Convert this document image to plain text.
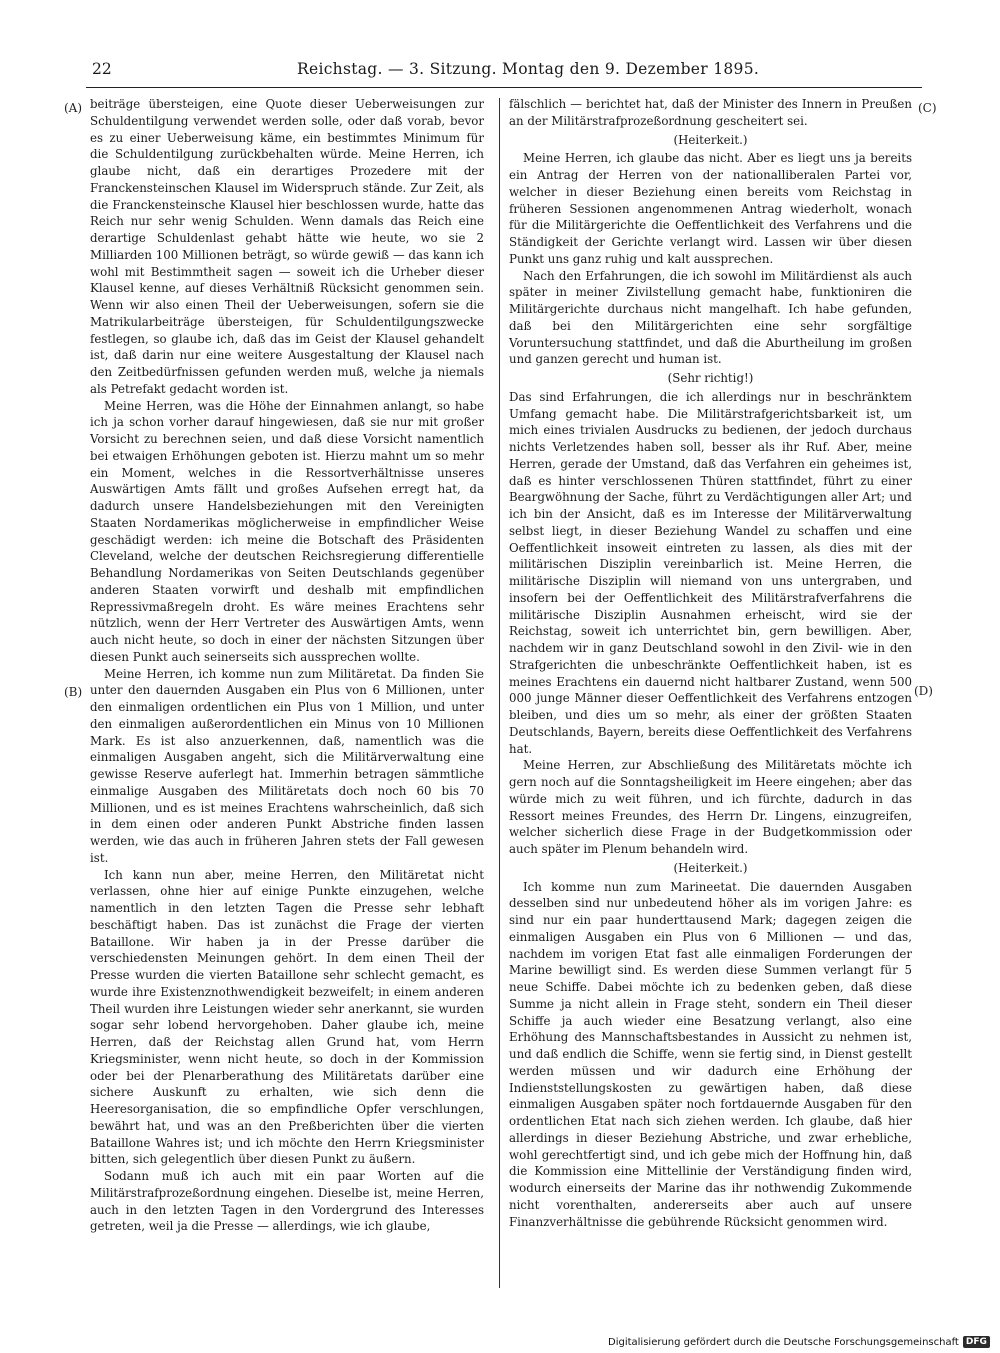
22	Reichstag. — 3. Sitzung. Montag den 9. Dezember 1895.
(A)
(B)
(C)
(D)

beiträge übersteigen, eine Quote dieser Ueberweisungen zur Schuldentilgung verwendet werden solle, oder daß vorab, bevor es zu einer Ueberweisung käme, ein bestimmtes Minimum für die Schuldentilgung zurückbehalten würde. Meine Herren, ich glaube nicht, daß ein derartiges Prozedere mit der Franckensteinschen Klausel im Widerspruch stände. Zur Zeit, als die Franckensteinsche Klausel hier beschlossen wurde, hatte das Reich nur sehr wenig Schulden. Wenn damals das Reich eine derartige Schuldenlast gehabt hätte wie heute, wo sie 2 Milliarden 100 Millionen beträgt, so würde gewiß — das kann ich wohl mit Bestimmtheit sagen — soweit ich die Urheber dieser Klausel kenne, auf dieses Verhältniß Rücksicht genommen sein. Wenn wir also einen Theil der Ueberweisungen, sofern sie die Matrikularbeiträge übersteigen, für Schuldentilgungszwecke festlegen, so glaube ich, daß das im Geist der Klausel gehandelt ist, daß darin nur eine weitere Ausgestaltung der Klausel nach den Zeitbedürfnissen gefunden werden muß, welche ja niemals als Petrefakt gedacht worden ist.

Meine Herren, was die Höhe der Einnahmen anlangt, so habe ich ja schon vorher darauf hingewiesen, daß sie nur mit großer Vorsicht zu berechnen seien, und daß diese Vorsicht namentlich bei etwaigen Erhöhungen geboten ist. Hierzu mahnt um so mehr ein Moment, welches in die Ressortverhältnisse unseres Auswärtigen Amts fällt und großes Aufsehen erregt hat, da dadurch unsere Handelsbeziehungen mit den Vereinigten Staaten Nordamerikas möglicherweise in empfindlicher Weise geschädigt werden: ich meine die Botschaft des Präsidenten Cleveland, welche der deutschen Reichsregierung differentielle Behandlung Nordamerikas von Seiten Deutschlands gegenüber anderen Staaten vorwirft und deshalb mit empfindlichen Repressivmaßregeln droht. Es wäre meines Erachtens sehr nützlich, wenn der Herr Vertreter des Auswärtigen Amts, wenn auch nicht heute, so doch in einer der nächsten Sitzungen über diesen Punkt auch seinerseits sich aussprechen wollte.

Meine Herren, ich komme nun zum Militäretat. Da finden Sie unter den dauernden Ausgaben ein Plus von 6 Millionen, unter den einmaligen ordentlichen ein Plus von 1 Million, und unter den einmaligen außerordentlichen ein Minus von 10 Millionen Mark. Es ist also anzuerkennen, daß, namentlich was die einmaligen Ausgaben angeht, sich die Militärverwaltung eine gewisse Reserve auferlegt hat. Immerhin betragen sämmtliche einmalige Ausgaben des Militäretats doch noch 60 bis 70 Millionen, und es ist meines Erachtens wahrscheinlich, daß sich in dem einen oder anderen Punkt Abstriche finden lassen werden, wie das auch in früheren Jahren stets der Fall gewesen ist.

Ich kann nun aber, meine Herren, den Militäretat nicht verlassen, ohne hier auf einige Punkte einzugehen, welche namentlich in den letzten Tagen die Presse sehr lebhaft beschäftigt haben. Das ist zunächst die Frage der vierten Bataillone. Wir haben ja in der Presse darüber die verschiedensten Meinungen gehört. In dem einen Theil der Presse wurden die vierten Bataillone sehr schlecht gemacht, es wurde ihre Existenznothwendigkeit bezweifelt; in einem anderen Theil wurden ihre Leistungen wieder sehr anerkannt, sie wurden sogar sehr lobend hervorgehoben. Daher glaube ich, meine Herren, daß der Reichstag allen Grund hat, vom Herrn Kriegsminister, wenn nicht heute, so doch in der Kommission oder bei der Plenarberathung des Militäretats darüber eine sichere Auskunft zu erhalten, wie sich denn die Heeresorganisation, die so empfindliche Opfer verschlungen, bewährt hat, und was an den Preßberichten über die vierten Bataillone Wahres ist; und ich möchte den Herrn Kriegsminister bitten, sich gelegentlich über diesen Punkt zu äußern.

Sodann muß ich auch mit ein paar Worten auf die Militärstrafprozeßordnung eingehen. Dieselbe ist, meine Herren, auch in den letzten Tagen in den Vordergrund des Interesses getreten, weil ja die Presse — allerdings, wie ich glaube,

fälschlich — berichtet hat, daß der Minister des Innern in Preußen an der Militärstrafprozeßordnung gescheitert sei.

(Heiterkeit.)

Meine Herren, ich glaube das nicht. Aber es liegt uns ja bereits ein Antrag der Herren von der nationalliberalen Partei vor, welcher in dieser Beziehung einen bereits vom Reichstag in früheren Sessionen angenommenen Antrag wiederholt, wonach für die Militärgerichte die Oeffentlichkeit des Verfahrens und die Ständigkeit der Gerichte verlangt wird. Lassen wir über diesen Punkt uns ganz ruhig und kalt aussprechen.

Nach den Erfahrungen, die ich sowohl im Militärdienst als auch später in meiner Zivilstellung gemacht habe, funktioniren die Militärgerichte durchaus nicht mangelhaft. Ich habe gefunden, daß bei den Militärgerichten eine sehr sorgfältige Voruntersuchung stattfindet, und daß die Aburtheilung im großen und ganzen gerecht und human ist.

(Sehr richtig!)

Das sind Erfahrungen, die ich allerdings nur in beschränktem Umfang gemacht habe. Die Militärstrafgerichtsbarkeit ist, um mich eines trivialen Ausdrucks zu bedienen, der jedoch durchaus nichts Verletzendes haben soll, besser als ihr Ruf. Aber, meine Herren, gerade der Umstand, daß das Verfahren ein geheimes ist, daß es hinter verschlossenen Thüren stattfindet, führt zu einer Beargwöhnung der Sache, führt zu Verdächtigungen aller Art; und ich bin der Ansicht, daß es im Interesse der Militärverwaltung selbst liegt, in dieser Beziehung Wandel zu schaffen und eine Oeffentlichkeit insoweit eintreten zu lassen, als dies mit der militärischen Disziplin vereinbarlich ist. Meine Herren, die militärische Disziplin will niemand von uns untergraben, und insofern bei der Oeffentlichkeit des Militärstrafverfahrens die militärische Disziplin Ausnahmen erheischt, wird sie der Reichstag, soweit ich unterrichtet bin, gern bewilligen. Aber, nachdem wir in ganz Deutschland sowohl in den Zivil- wie in den Strafgerichten die unbeschränkte Oeffentlichkeit haben, ist es meines Erachtens ein dauernd nicht haltbarer Zustand, wenn 500 000 junge Männer dieser Oeffentlichkeit des Verfahrens entzogen bleiben, und dies um so mehr, als einer der größten Staaten Deutschlands, Bayern, bereits diese Oeffentlichkeit des Verfahrens hat.

Meine Herren, zur Abschließung des Militäretats möchte ich gern noch auf die Sonntagsheiligkeit im Heere eingehen; aber das würde mich zu weit führen, und ich fürchte, dadurch in das Ressort meines Freundes, des Herrn Dr. Lingens, einzugreifen, welcher sicherlich diese Frage in der Budgetkommission oder auch später im Plenum behandeln wird.

(Heiterkeit.)

Ich komme nun zum Marineetat. Die dauernden Ausgaben desselben sind nur unbedeutend höher als im vorigen Jahre: es sind nur ein paar hunderttausend Mark; dagegen zeigen die einmaligen Ausgaben ein Plus von 6 Millionen — und das, nachdem im vorigen Etat fast alle einmaligen Forderungen der Marine bewilligt sind. Es werden diese Summen verlangt für 5 neue Schiffe. Dabei möchte ich zu bedenken geben, daß diese Summe ja nicht allein in Frage steht, sondern ein Theil dieser Schiffe ja auch wieder eine Besatzung verlangt, also eine Erhöhung des Mannschaftsbestandes in Aussicht zu nehmen ist, und daß endlich die Schiffe, wenn sie fertig sind, in Dienst gestellt werden müssen und wir dadurch eine Erhöhung der Indienststellungskosten zu gewärtigen haben, daß diese einmaligen Ausgaben später noch fortdauernde Ausgaben für den ordentlichen Etat nach sich ziehen werden. Ich glaube, daß hier allerdings in dieser Beziehung Abstriche, und zwar erhebliche, wohl gerechtfertigt sind, und ich gebe mich der Hoffnung hin, daß die Kommission eine Mittellinie der Verständigung finden wird, wodurch einerseits der Marine das ihr nothwendig Zukommende nicht vorenthalten, andererseits aber auch auf unsere Finanzverhältnisse die gebührende Rücksicht genommen wird.

Digitalisierung gefördert durch die Deutsche Forschungsgemeinschaft DFG
